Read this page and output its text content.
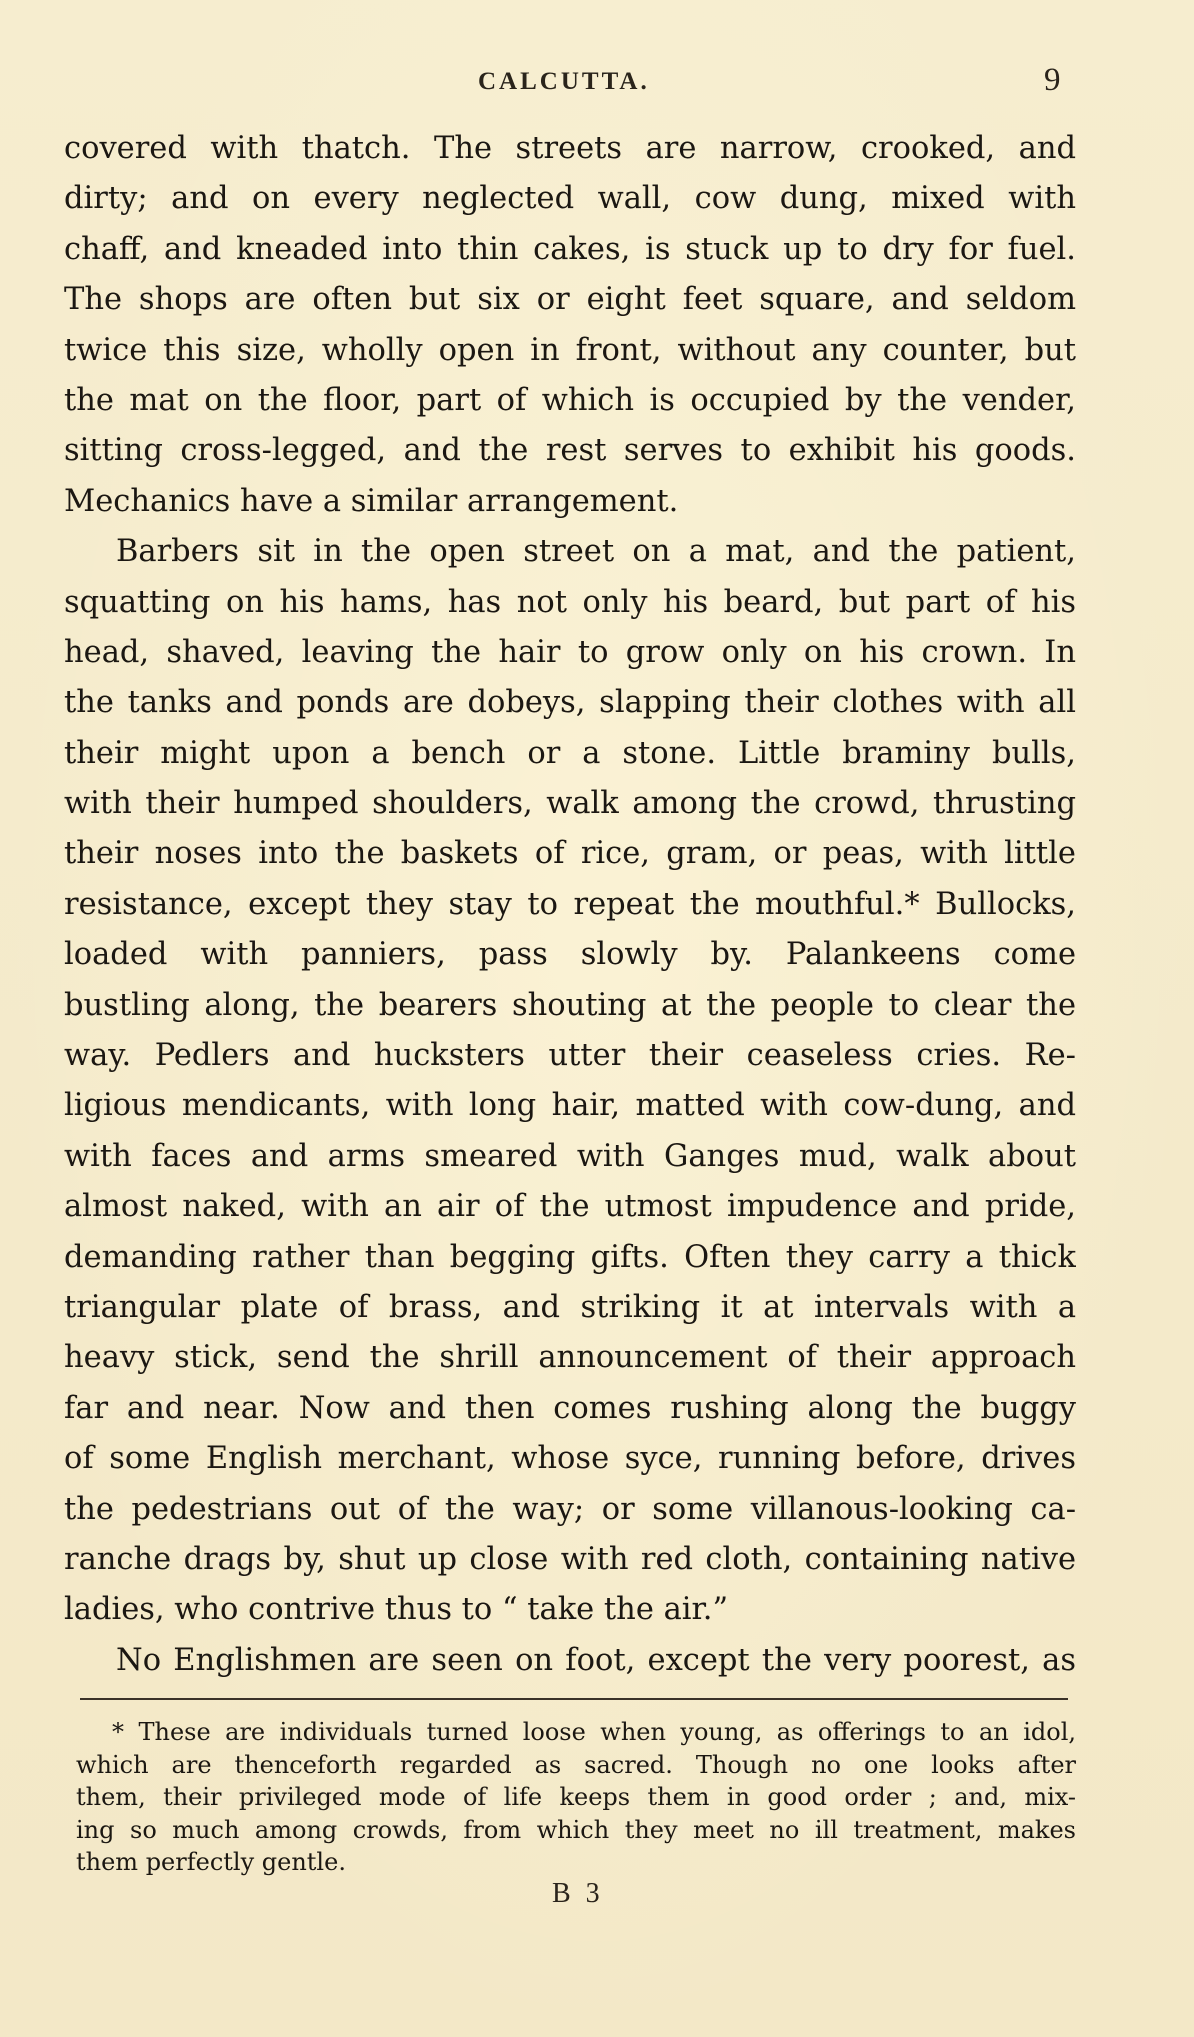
CALCUTTA.	9
covered with thatch. The streets are narrow, crooked, and
dirty; and on every neglected wall, cow dung, mixed with
chaff, and kneaded into thin cakes, is stuck up to dry for fuel.
The shops are often but six or eight feet square, and seldom
twice this size, wholly open in front, without any counter, but
the mat on the floor, part of which is occupied by the vender,
sitting cross-legged, and the rest serves to exhibit his goods.
Mechanics have a similar arrangement.
Barbers sit in the open street on a mat, and the patient,
squatting on his hams, has not only his beard, but part of his
head, shaved, leaving the hair to grow only on his crown. In
the tanks and ponds are dobeys, slapping their clothes with all
their might upon a bench or a stone. Little braminy bulls,
with their humped shoulders, walk among the crowd, thrusting
their noses into the baskets of rice, gram, or peas, with little
resistance, except they stay to repeat the mouthful.* Bullocks,
loaded with panniers, pass slowly by. Palankeens come
bustling along, the bearers shouting at the people to clear the
way. Pedlers and hucksters utter their ceaseless cries. Re-
ligious mendicants, with long hair, matted with cow-dung, and
with faces and arms smeared with Ganges mud, walk about
almost naked, with an air of the utmost impudence and pride,
demanding rather than begging gifts. Often they carry a thick
triangular plate of brass, and striking it at intervals with a
heavy stick, send the shrill announcement of their approach
far and near. Now and then comes rushing along the buggy
of some English merchant, whose syce, running before, drives
the pedestrians out of the way; or some villanous-looking ca-
ranche drags by, shut up close with red cloth, containing native
ladies, who contrive thus to “ take the air.”
No Englishmen are seen on foot, except the very poorest, as
* These are individuals turned loose when young, as offerings to an idol,
which are thenceforth regarded as sacred. Though no one looks after
them, their privileged mode of life keeps them in good order ; and, mix-
ing so much among crowds, from which they meet no ill treatment, makes
them perfectly gentle.
B 3
